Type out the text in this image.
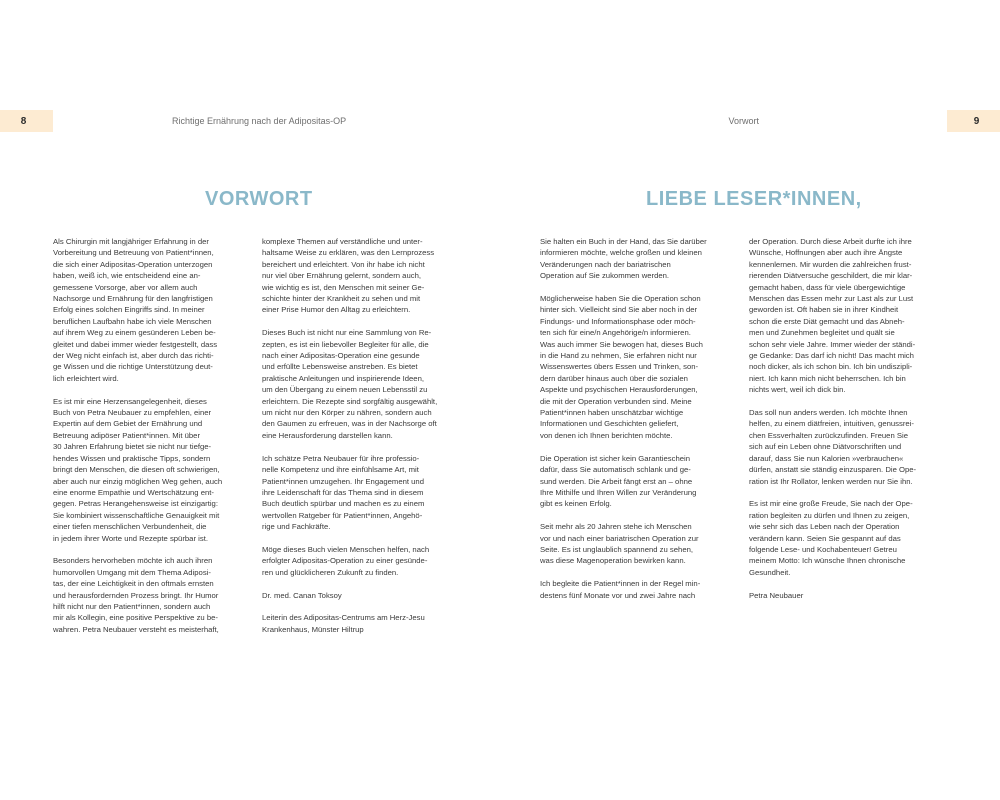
8	Richtige Ernährung nach der Adipositas-OP
VORWORT

Als Chirurgin mit langjähriger Erfahrung in der
Vorbereitung und Betreuung von Patient*innen,
die sich einer Adipositas-Operation unterzogen
haben, weiß ich, wie entscheidend eine an-
gemessene Vorsorge, aber vor allem auch
Nachsorge und Ernährung für den langfristigen
Erfolg eines solchen Eingriffs sind. In meiner
beruflichen Laufbahn habe ich viele Menschen
auf ihrem Weg zu einem gesünderen Leben be-
gleitet und dabei immer wieder festgestellt, dass
der Weg nicht einfach ist, aber durch das richti-
ge Wissen und die richtige Unterstützung deut-
lich erleichtert wird.

Es ist mir eine Herzensangelegenheit, dieses
Buch von Petra Neubauer zu empfehlen, einer
Expertin auf dem Gebiet der Ernährung und
Betreuung adipöser Patient*innen. Mit über
30 Jahren Erfahrung bietet sie nicht nur tiefge-
hendes Wissen und praktische Tipps, sondern
bringt den Menschen, die diesen oft schwierigen,
aber auch nur einzig möglichen Weg gehen, auch
eine enorme Empathie und Wertschätzung ent-
gegen. Petras Herangehensweise ist einzigartig:
Sie kombiniert wissenschaftliche Genauigkeit mit
einer tiefen menschlichen Verbundenheit, die
in jedem ihrer Worte und Rezepte spürbar ist.

Besonders hervorheben möchte ich auch ihren
humorvollen Umgang mit dem Thema Adiposi-
tas, der eine Leichtigkeit in den oftmals ernsten
und herausfordernden Prozess bringt. Ihr Humor
hilft nicht nur den Patient*innen, sondern auch
mir als Kollegin, eine positive Perspektive zu be-
wahren. Petra Neubauer versteht es meisterhaft,

komplexe Themen auf verständliche und unter-
haltsame Weise zu erklären, was den Lernprozess
bereichert und erleichtert. Von ihr habe ich nicht
nur viel über Ernährung gelernt, sondern auch,
wie wichtig es ist, den Menschen mit seiner Ge-
schichte hinter der Krankheit zu sehen und mit
einer Prise Humor den Alltag zu erleichtern.

Dieses Buch ist nicht nur eine Sammlung von Re-
zepten, es ist ein liebevoller Begleiter für alle, die
nach einer Adipositas-Operation eine gesunde
und erfüllte Lebensweise anstreben. Es bietet
praktische Anleitungen und inspirierende Ideen,
um den Übergang zu einem neuen Lebensstil zu
erleichtern. Die Rezepte sind sorgfältig ausgewählt,
um nicht nur den Körper zu nähren, sondern auch
den Gaumen zu erfreuen, was in der Nachsorge oft
eine Herausforderung darstellen kann.

Ich schätze Petra Neubauer für ihre professio-
nelle Kompetenz und ihre einfühlsame Art, mit
Patient*innen umzugehen. Ihr Engagement und
ihre Leidenschaft für das Thema sind in diesem
Buch deutlich spürbar und machen es zu einem
wertvollen Ratgeber für Patient*innen, Angehö-
rige und Fachkräfte.

Möge dieses Buch vielen Menschen helfen, nach
erfolgter Adipositas-Operation zu einer gesünde-
ren und glücklicheren Zukunft zu finden.

Dr. med. Canan Toksoy

Leiterin des Adipositas-Centrums am Herz-Jesu
Krankenhaus, Münster Hiltrup

9
Vorwort
LIEBE LESER*INNEN,

Sie halten ein Buch in der Hand, das Sie darüber
informieren möchte, welche großen und kleinen
Veränderungen nach der bariatrischen
Operation auf Sie zukommen werden.

Möglicherweise haben Sie die Operation schon
hinter sich. Vielleicht sind Sie aber noch in der
Findungs- und Informationsphase oder möch-
ten sich für eine/n Angehörige/n informieren.
Was auch immer Sie bewogen hat, dieses Buch
in die Hand zu nehmen, Sie erfahren nicht nur
Wissenswertes übers Essen und Trinken, son-
dern darüber hinaus auch über die sozialen
Aspekte und psychischen Herausforderungen,
die mit der Operation verbunden sind. Meine
Patient*innen haben unschätzbar wichtige
Informationen und Geschichten geliefert,
von denen ich Ihnen berichten möchte.

Die Operation ist sicher kein Garantieschein
dafür, dass Sie automatisch schlank und ge-
sund werden. Die Arbeit fängt erst an – ohne
Ihre Mithilfe und Ihren Willen zur Veränderung
gibt es keinen Erfolg.

Seit mehr als 20 Jahren stehe ich Menschen
vor und nach einer bariatrischen Operation zur
Seite. Es ist unglaublich spannend zu sehen,
was diese Magenoperation bewirken kann.

Ich begleite die Patient*innen in der Regel min-
destens fünf Monate vor und zwei Jahre nach

der Operation. Durch diese Arbeit durfte ich ihre
Wünsche, Hoffnungen aber auch ihre Ängste
kennenlernen. Mir wurden die zahlreichen frust-
rierenden Diätversuche geschildert, die mir klar-
gemacht haben, dass für viele übergewichtige
Menschen das Essen mehr zur Last als zur Lust
geworden ist. Oft haben sie in ihrer Kindheit
schon die erste Diät gemacht und das Abneh-
men und Zunehmen begleitet und quält sie
schon sehr viele Jahre. Immer wieder der ständi-
ge Gedanke: Das darf ich nicht! Das macht mich
noch dicker, als ich schon bin. Ich bin undiszipli-
niert. Ich kann mich nicht beherrschen. Ich bin
nichts wert, weil ich dick bin.

Das soll nun anders werden. Ich möchte Ihnen
helfen, zu einem diätfreien, intuitiven, genussrei-
chen Essverhalten zurückzufinden. Freuen Sie
sich auf ein Leben ohne Diätvorschriften und
darauf, dass Sie nun Kalorien »verbrauchen«
dürfen, anstatt sie ständig einzusparen. Die Ope-
ration ist Ihr Rollator, lenken werden nur Sie ihn.

Es ist mir eine große Freude, Sie nach der Ope-
ration begleiten zu dürfen und Ihnen zu zeigen,
wie sehr sich das Leben nach der Operation
verändern kann. Seien Sie gespannt auf das
folgende Lese- und Kochabenteuer! Getreu
meinem Motto: Ich wünsche Ihnen chronische
Gesundheit.

Petra Neubauer
